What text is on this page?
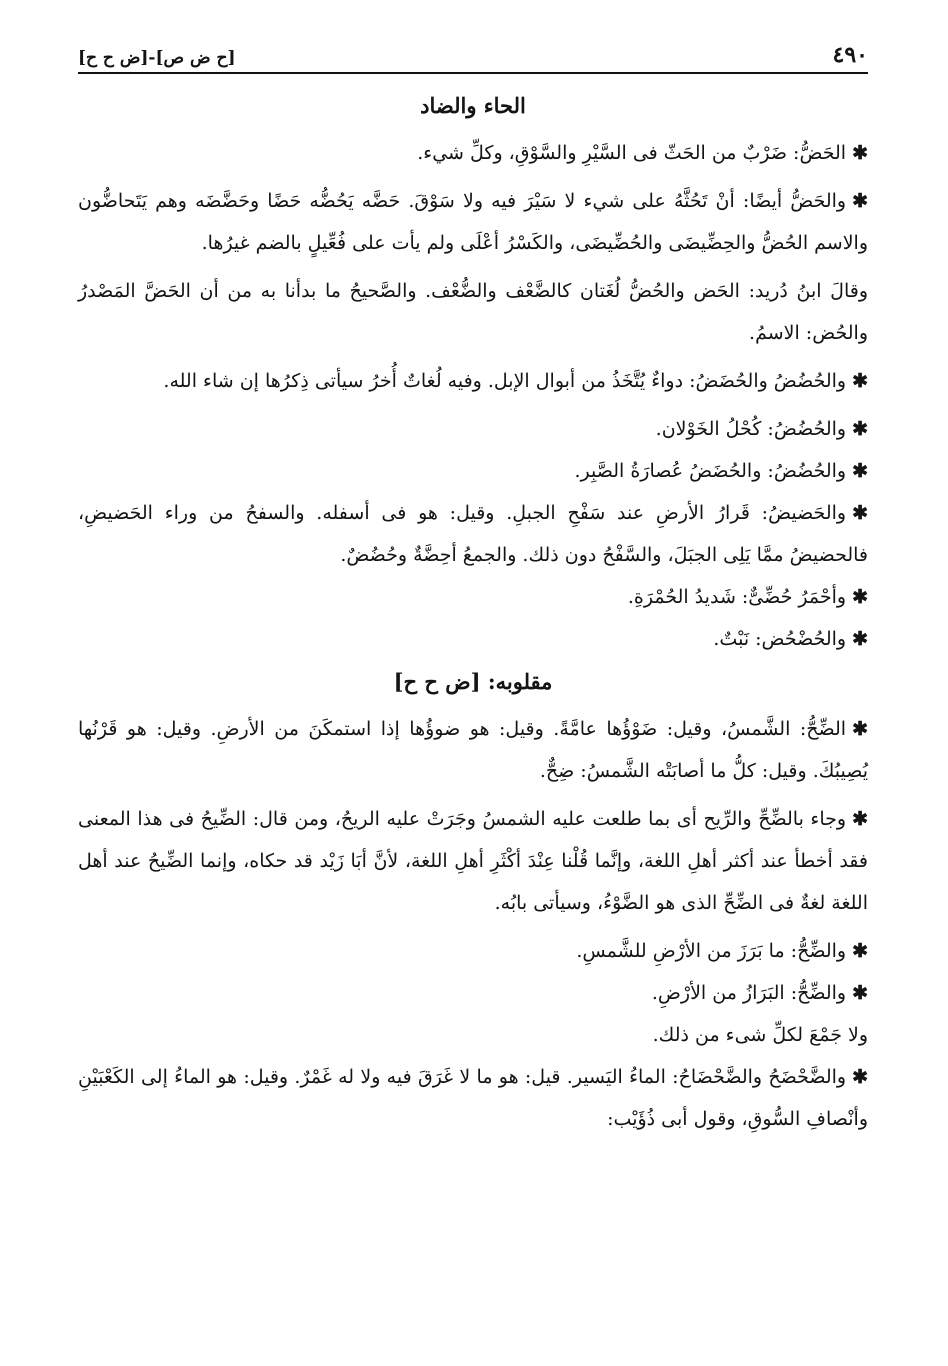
٤٩٠
[ح ض ص]-[ض ح ح]
الحاء والضاد

✱الحَضُّ: ضَرْبٌ من الحَثّ فى السَّيْرِ والسَّوْقِ، وكلِّ شيء.

✱والحَضُّ أيضًا: أنْ تَحُثَّهُ على شيء لا سَيْرَ فيه ولا سَوْقَ. حَضَّه يَحُضُّه حَضًا وحَضَّضَه وهم يَتَحاضُّون والاسم الحُضُّ والحِضِّيضَى والحُضِّيضَى، والكَسْرُ أعْلَى ولم يأت على فُعِّيلٍ بالضم غيرُها.

وقالَ ابنُ دُريد: الحَض والحُضُّ لُغَتان كالضَّعْف والضُّعْف. والصَّحيحُ ما بدأنا به من أن الحَضَّ المَصْدرُ والحُض: الاسمُ.

✱والحُضُضُ والحُضَضُ: دواءٌ يُتَّخَذُ من أبوال الإبل. وفيه لُغاتٌ أُخرُ سيأتى ذِكرُها إن شاء الله.

✱والحُضُضُ: كُحْلُ الخَوْلان.

✱والحُضُضُ: والحُضَضُ عُصارَةُ الصَّبِر.

✱والحَضيضُ: قَرارُ الأرضِ عند سَفْحِ الجبلِ. وقيل: هو فى أسفله. والسفحُ من وراء الحَضيضِ، فالحضيضُ ممَّا يَلِى الجبَلَ، والسَّفْحُ دون ذلك. والجمعُ أحِضَّةٌ وحُضُضٌ.

✱وأحْمَرُ حُضِّىٌّ: شَديدُ الحُمْرَةِ.

✱والحُضْحُض: نَبْتٌ.

مقلوبه: [ض ح ح]

✱الضِّحُّ: الشَّمسُ، وقيل: ضَوْؤُها عامَّةً. وقيل: هو ضوؤُها إذا استمكَنَ من الأرضِ. وقيل: هو قَرْنُها يُصِيبُكَ. وقيل: كلُّ ما أصابَتْه الشَّمسُ: ضِحٌّ.

✱وجاء بالضِّحِّ والرِّيح أى بما طلعت عليه الشمسُ وجَرَتْ عليه الريحُ، ومن قال: الضِّيحُ فى هذا المعنى فقد أخطأ عند أكثر أهلِ اللغة، وإنَّما قُلْنا عِنْدَ أكْثَرِ أهلِ اللغة، لأنَّ أبَا زَيْد قد حكاه، وإنما الضِّيحُ عند أهل اللغة لغةٌ فى الضِّحِّ الذى هو الضَّوْءُ، وسيأتى بابُه.

✱والضِّحُّ: ما بَرَزَ من الأرْضِ للشَّمسِ.

✱والضِّحُّ: البَرَازُ من الأرْضِ.

ولا جَمْعَ لكلِّ شىء من ذلك.

✱والضَّحْضَحُ والضَّحْضَاحُ: الماءُ اليَسير. قيل: هو ما لا غَرَقَ فيه ولا له غَمْرٌ. وقيل: هو الماءُ إلى الكَعْبَيْنِ وأنْصافِ السُّوقِ، وقول أبى ذُؤَيْب:
